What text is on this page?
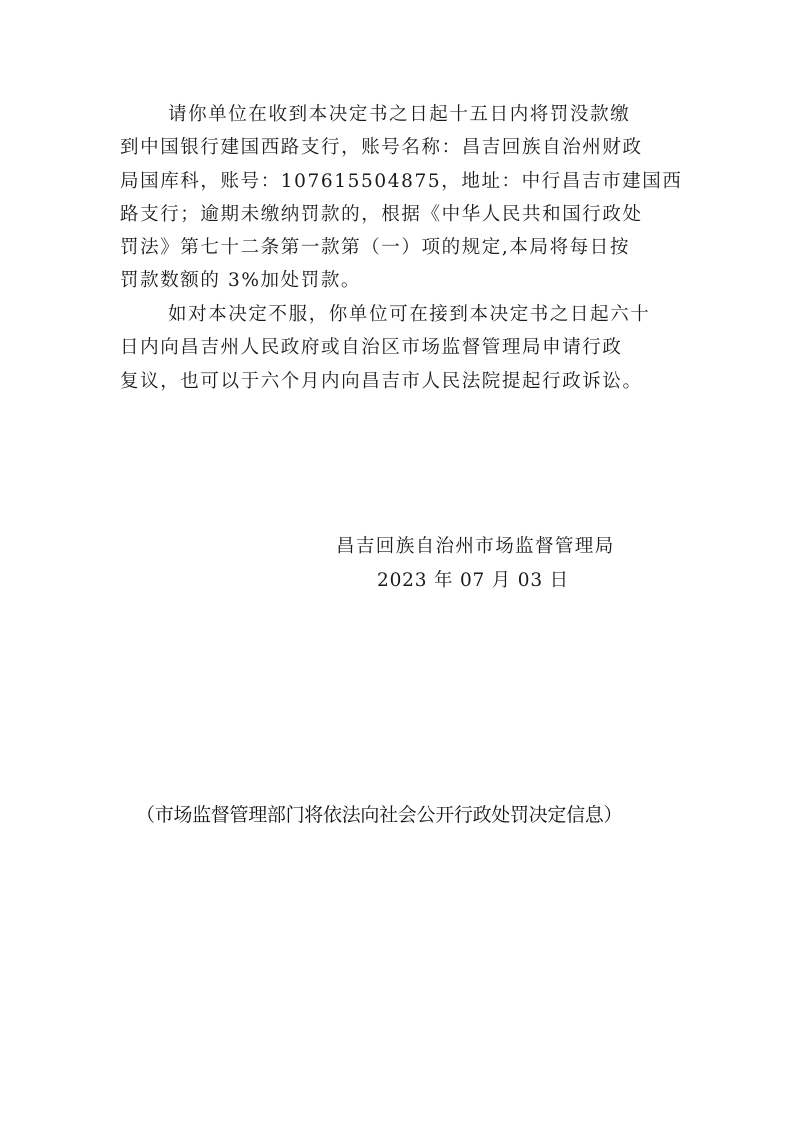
请你单位在收到本决定书之日起十五日内将罚没款缴
到中国银行建国西路支行，账号名称：昌吉回族自治州财政
局国库科，账号：107615504875，地址：中行昌吉市建国西
路支行；逾期未缴纳罚款的，根据《中华人民共和国行政处
罚法》第七十二条第一款第（一）项的规定,本局将每日按
罚款数额的 3%加处罚款。
如对本决定不服，你单位可在接到本决定书之日起六十
日内向昌吉州人民政府或自治区市场监督管理局申请行政
复议，也可以于六个月内向昌吉市人民法院提起行政诉讼。
昌吉回族自治州市场监督管理局
2023 年 07 月 03 日
（市场监督管理部门将依法向社会公开行政处罚决定信息）
